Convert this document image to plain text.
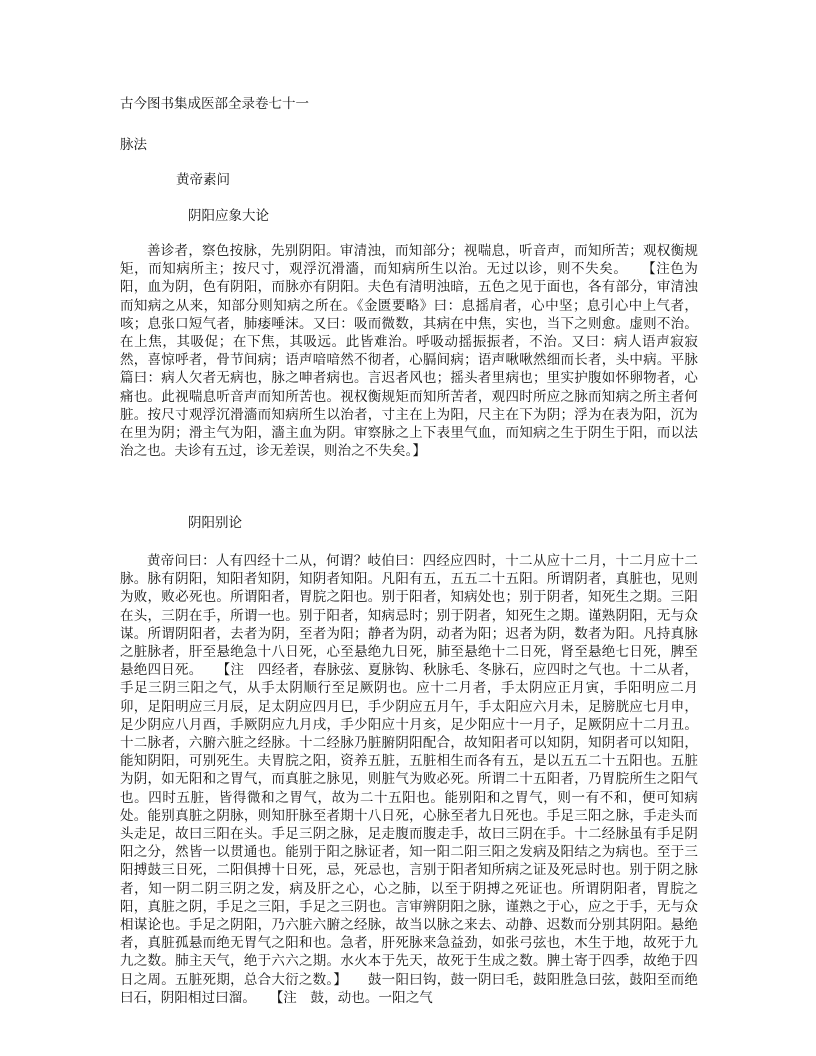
古今图书集成医部全录卷七十一
脉法
黄帝素问
阴阳应象大论
善诊者，察色按脉，先别阴阳。审清浊，而知部分；视喘息，听音声，而知所苦；观权衡规矩，而知病所主；按尺寸，观浮沉滑濇，而知病所生以治。无过以诊，则不失矣。　　【注色为阳，血为阴，色有阴阳，而脉亦有阴阳。夫色有清明浊暗，五色之见于面也，各有部分，审清浊而知病之从来，知部分则知病之所在。《金匮要略》曰：息摇肩者，心中坚；息引心中上气者，咳；息张口短气者，肺痿唾沫。又曰：吸而微数，其病在中焦，实也，当下之则愈。虚则不治。在上焦，其吸促；在下焦，其吸远。此皆难治。呼吸动摇振振者，不治。又曰：病人语声寂寂然，喜惊呼者，骨节间病；语声喑喑然不彻者，心膈间病；语声啾啾然细而长者，头中病。平脉篇曰：病人欠者无病也，脉之呻者病也。言迟者风也；摇头者里病也；里实护腹如怀卵物者，心痛也。此视喘息听音声而知所苦也。视权衡规矩而知所苦者，观四时所应之脉而知病之所主者何脏。按尺寸观浮沉滑濇而知病所生以治者，寸主在上为阳，尺主在下为阴；浮为在表为阳，沉为在里为阴；滑主气为阳，濇主血为阴。审察脉之上下表里气血，而知病之生于阴生于阳，而以法治之也。夫诊有五过，诊无差误，则治之不失矣。】
阴阳别论
黄帝问曰：人有四经十二从，何谓？岐伯曰：四经应四时，十二从应十二月，十二月应十二脉。脉有阴阳，知阳者知阴，知阴者知阳。凡阳有五，五五二十五阳。所谓阴者，真脏也，见则为败，败必死也。所谓阳者，胃脘之阳也。别于阳者，知病处也；别于阴者，知死生之期。三阳在头，三阴在手，所谓一也。别于阳者，知病忌时；别于阴者，知死生之期。谨熟阴阳，无与众谋。所谓阴阳者，去者为阴，至者为阳；静者为阴，动者为阳；迟者为阴，数者为阳。凡持真脉之脏脉者，肝至悬绝急十八日死，心至悬绝九日死，肺至悬绝十二日死，肾至悬绝七日死，脾至悬绝四日死。　　【注　四经者，春脉弦、夏脉钩、秋脉毛、冬脉石，应四时之气也。十二从者，手足三阴三阳之气，从手太阴顺行至足厥阴也。应十二月者，手太阴应正月寅，手阳明应二月卯，足阳明应三月辰，足太阴应四月巳，手少阴应五月午，手太阳应六月未，足膀胱应七月申，足少阴应八月酉，手厥阴应九月戌，手少阳应十月亥，足少阳应十一月子，足厥阴应十二月丑。十二脉者，六腑六脏之经脉。十二经脉乃脏腑阴阳配合，故知阳者可以知阴，知阴者可以知阳，能知阴阳，可别死生。夫胃脘之阳，资养五脏，五脏相生而各有五，是以五五二十五阳也。五脏为阴，如无阳和之胃气，而真脏之脉见，则脏气为败必死。所谓二十五阳者，乃胃脘所生之阳气也。四时五脏，皆得微和之胃气，故为二十五阳也。能别阳和之胃气，则一有不和，便可知病处。能别真脏之阴脉，则知肝脉至者期十八日死，心脉至者九日死也。手足三阳之脉，手走头而头走足，故曰三阳在头。手足三阴之脉，足走腹而腹走手，故曰三阴在手。十二经脉虽有手足阴阳之分，然皆一以贯通也。能别于阳之脉证者，知一阳二阳三阳之发病及阳结之为病也。至于三阳搏鼓三日死，二阳俱搏十日死，忌，死忌也，言别于阳者知所病之证及死忌时也。别于阴之脉者，知一阴二阴三阴之发，病及肝之心，心之肺，以至于阴搏之死证也。所谓阴阳者，胃脘之阳，真脏之阴，手足之三阳，手足之三阴也。言审辨阴阳之脉，谨熟之于心，应之于手，无与众相谋论也。手足之阴阳，乃六脏六腑之经脉，故当以脉之来去、动静、迟数而分别其阴阳。悬绝者，真脏孤悬而绝无胃气之阳和也。急者，肝死脉来急益劲，如张弓弦也，木生于地，故死于九九之数。肺主天气，绝于六六之期。水火本于先天，故死于生成之数。脾土寄于四季，故绝于四日之周。五脏死期，总合大衍之数。】　　鼓一阳曰钩，鼓一阴曰毛，鼓阳胜急曰弦，鼓阳至而绝曰石，阴阳相过曰溜。　　【注　鼓，动也。一阳之气
